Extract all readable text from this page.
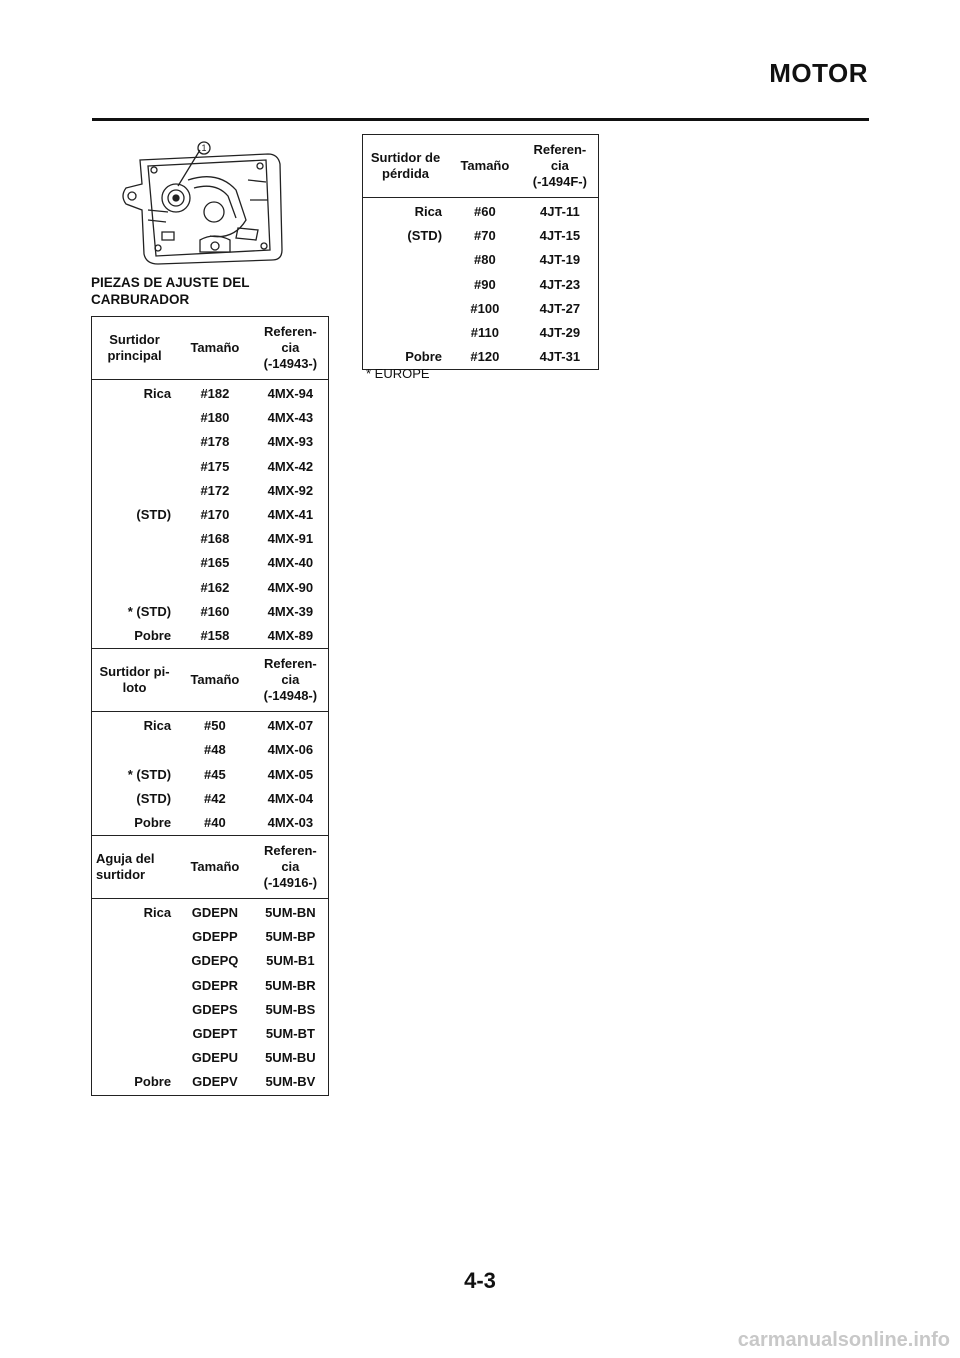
MOTOR
1
PIEZAS DE AJUSTE DEL CARBURADOR
Surtidor principal	Tamaño	Referen-cia (-14943-)
Rica	#182	4MX-94
	#180	4MX-43
	#178	4MX-93
	#175	4MX-42
	#172	4MX-92
(STD)	#170	4MX-41
	#168	4MX-91
	#165	4MX-40
	#162	4MX-90
* (STD)	#160	4MX-39
Pobre	#158	4MX-89
Surtidor pi-loto	Tamaño	Referen-cia (-14948-)
Rica	#50	4MX-07
	#48	4MX-06
* (STD)	#45	4MX-05
(STD)	#42	4MX-04
Pobre	#40	4MX-03
Aguja del surtidor	Tamaño	Referen-cia (-14916-)
Rica	GDEPN	5UM-BN
	GDEPP	5UM-BP
	GDEPQ	5UM-B1
	GDEPR	5UM-BR
	GDEPS	5UM-BS
	GDEPT	5UM-BT
	GDEPU	5UM-BU
Pobre	GDEPV	5UM-BV
Surtidor de pérdida	Tamaño	Referen-cia (-1494F-)
Rica	#60	4JT-11
(STD)	#70	4JT-15
	#80	4JT-19
	#90	4JT-23
	#100	4JT-27
	#110	4JT-29
Pobre	#120	4JT-31
* EUROPE
4-3
carmanualsonline.info
